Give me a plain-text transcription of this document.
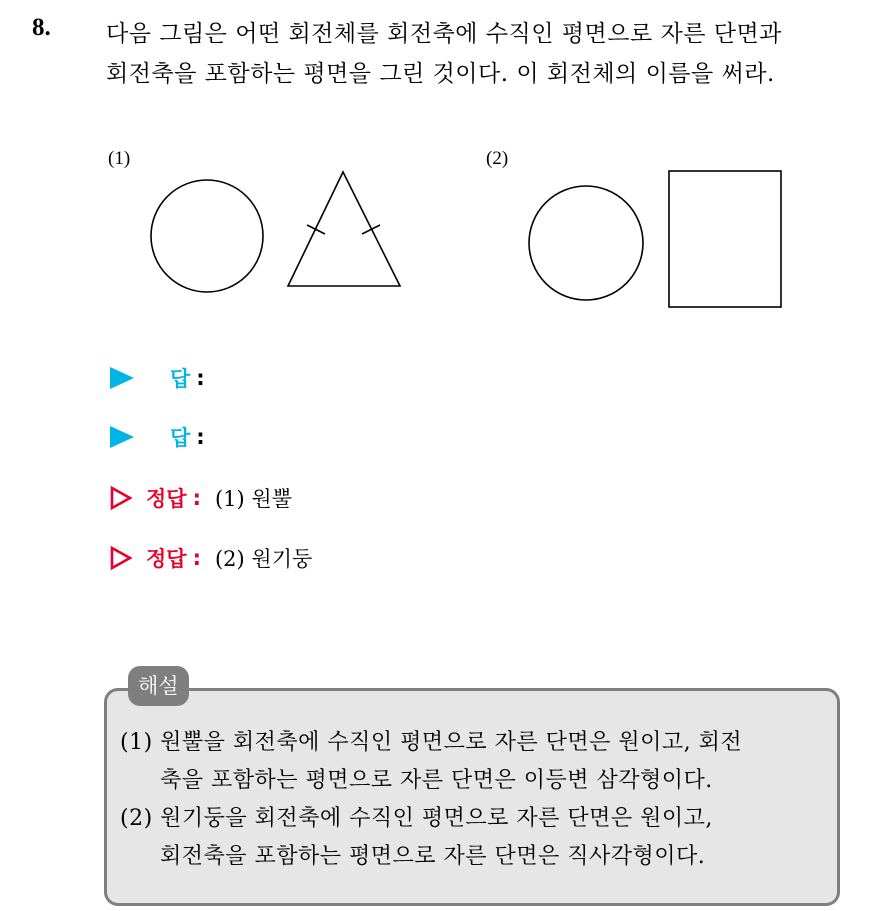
8. 다음 그림은 어떤 회전체를 회전축에 수직인 평면으로 자른 단면과
회전축을 포함하는 평면을 그린 것이다. 이 회전체의 이름을 써라.
(1)	(2)
답 :
답 :
정답 : (1) 원뿔
정답 : (2) 원기둥
해설
(1) 원뿔을 회전축에 수직인 평면으로 자른 단면은 원이고, 회전
축을 포함하는 평면으로 자른 단면은 이등변 삼각형이다.
(2) 원기둥을 회전축에 수직인 평면으로 자른 단면은 원이고,
회전축을 포함하는 평면으로 자른 단면은 직사각형이다.
